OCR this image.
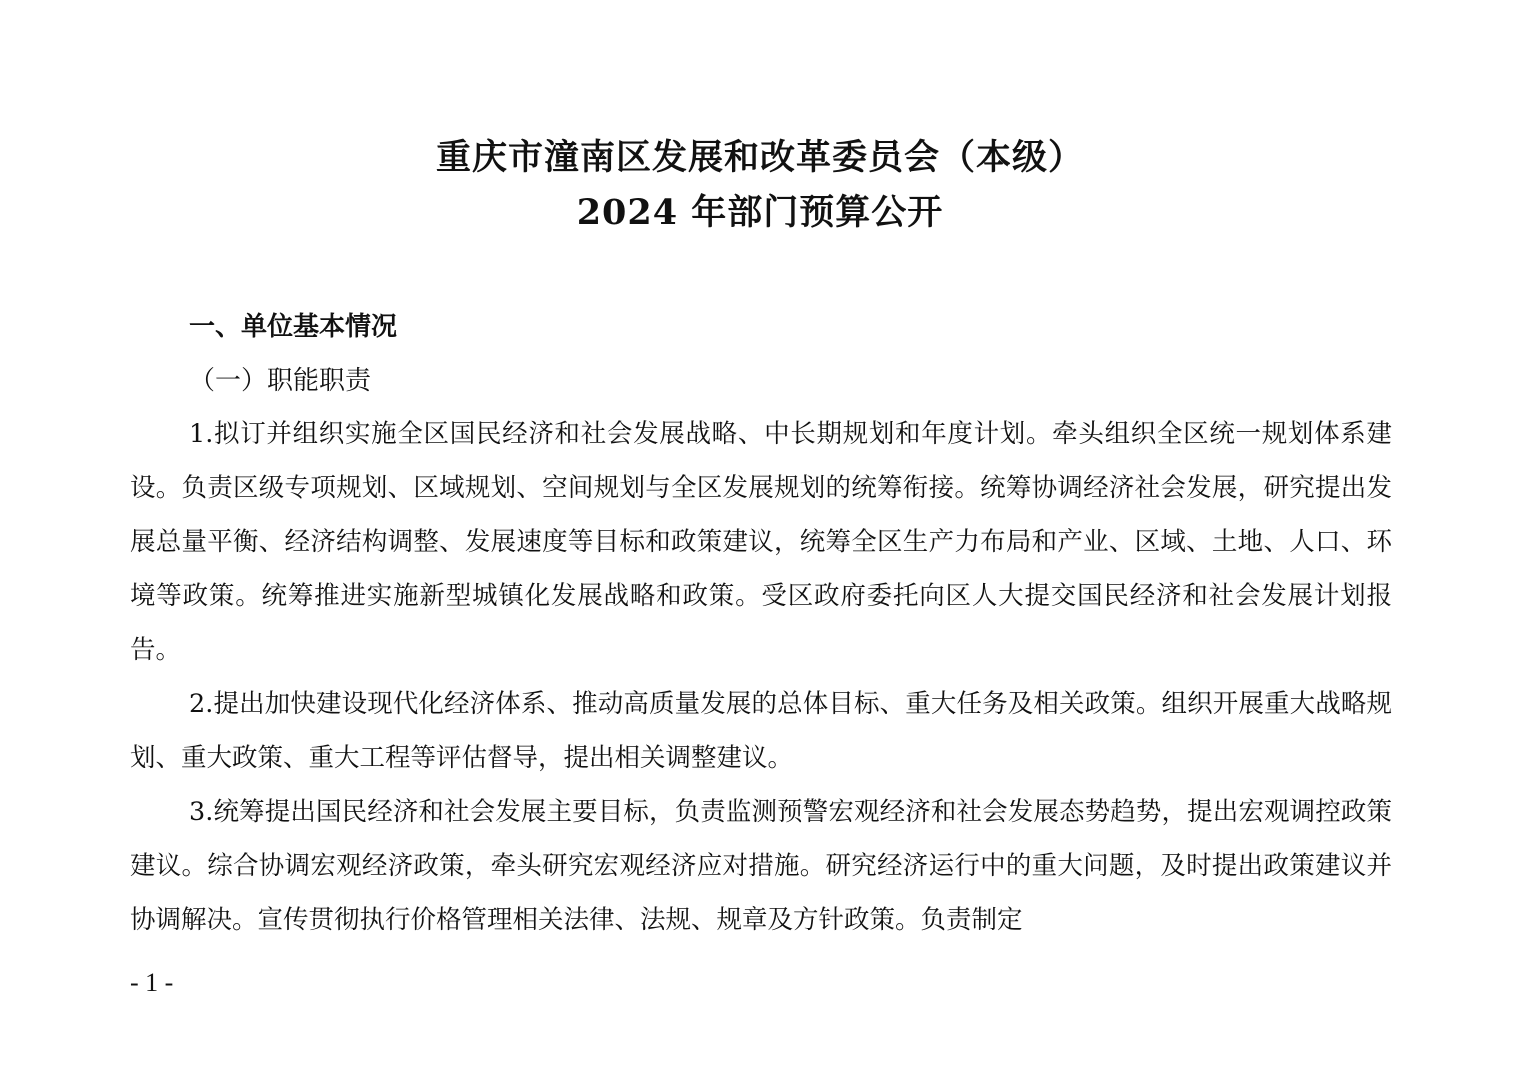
重庆市潼南区发展和改革委员会（本级）
2024 年部门预算公开
一、单位基本情况
（一）职能职责

1.拟订并组织实施全区国民经济和社会发展战略、中长期规划和年度计划。牵头组织全区统一规划体系建设。负责区级专项规划、区域规划、空间规划与全区发展规划的统筹衔接。统筹协调经济社会发展，研究提出发展总量平衡、经济结构调整、发展速度等目标和政策建议，统筹全区生产力布局和产业、区域、土地、人口、环境等政策。统筹推进实施新型城镇化发展战略和政策。受区政府委托向区人大提交国民经济和社会发展计划报告。

2.提出加快建设现代化经济体系、推动高质量发展的总体目标、重大任务及相关政策。组织开展重大战略规划、重大政策、重大工程等评估督导，提出相关调整建议。

3.统筹提出国民经济和社会发展主要目标，负责监测预警宏观经济和社会发展态势趋势，提出宏观调控政策建议。综合协调宏观经济政策，牵头研究宏观经济应对措施。研究经济运行中的重大问题，及时提出政策建议并协调解决。宣传贯彻执行价格管理相关法律、法规、规章及方针政策。负责制定

- 1 -
